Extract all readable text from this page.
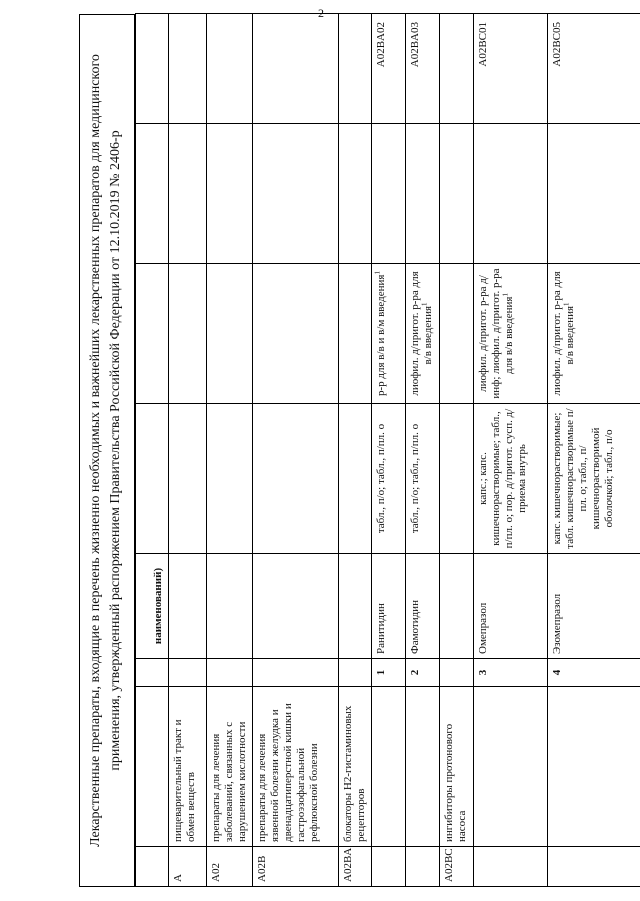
2
Лекарственные препараты, входящие в перечень жизненно необходимых и важнейших лекарственных препаратов для медицинского применения, утвержденный распоряжением Правительства Российской Федерации от 12.10.2019 № 2406-р
				наименований)				
A	пищеварительный тракт и обмен веществ						
A02	препараты для лечения заболеваний, связанных с нарушением кислотности						
A02B	препараты для лечения язвенной болезни желудка и двенадцатиперстной кишки и гастроэзофагальной рефлюксной болезни						
A02BA	блокаторы H2-гистаминовых рецепторов						
		1	Ранитидин	табл., п/о; табл., п/пл. о	р-р для в/в и в/м введения$^1$		A02BA02
		2	Фамотидин	табл., п/о; табл., п/пл. о	лиофил. д/пригот. р-ра для в/в введения$^1$		A02BA03
A02BC	ингибиторы протонового насоса						
		3	Омепразол	капс.; капс. кишечнорастворимые; табл., п/пл. о; пор. д/пригот. сусп. д/приема внутрь	лиофил. д/пригот. р-ра д/инф; лиофил. д/пригот. р-ра для в/в введения$^1$		A02BC01
		4	Эзомепразол	капс. кишечнорастворимые; табл. кишечнорастворимые п/пл. о; табл., п/кишечнорастворимой оболочкой; табл., п/о	лиофил. д/пригот. р-ра для в/в введения$^1$		A02BC05
